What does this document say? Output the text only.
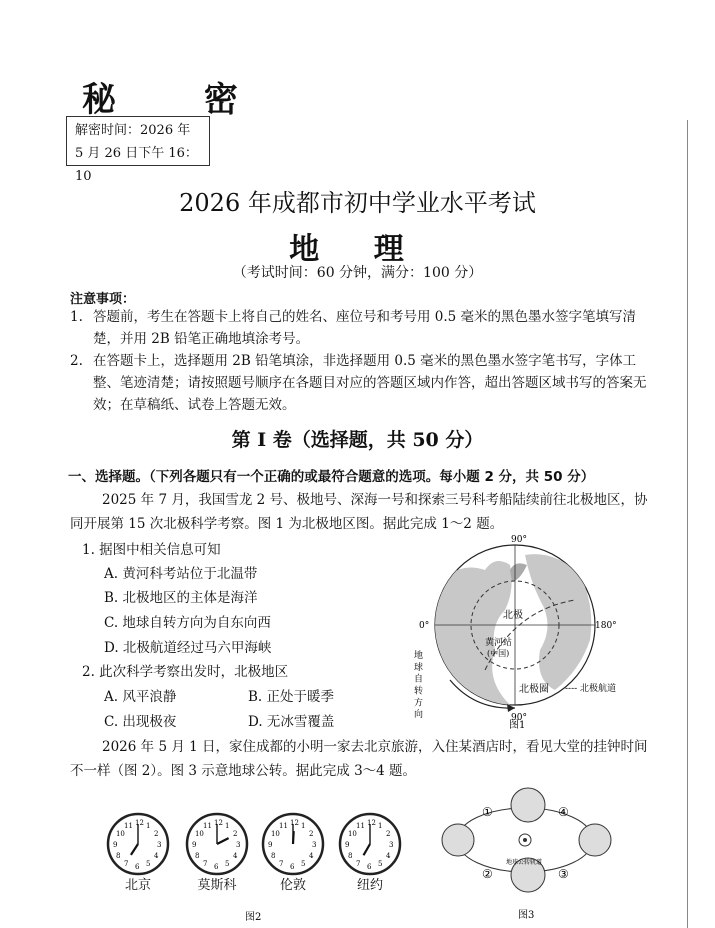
秘 密
解密时间：2026 年
5 月 26 日下午 16：10
2026 年成都市初中学业水平考试
地 理
（考试时间：60 分钟，满分：100 分）
注意事项：
1. 答题前，考生在答题卡上将自己的姓名、座位号和考号用 0.5 毫米的黑色墨水签字笔填写清楚，并用 2B 铅笔正确地填涂考号。
2. 在答题卡上，选择题用 2B 铅笔填涂，非选择题用 0.5 毫米的黑色墨水签字笔书写，字体工整、笔迹清楚；请按照题号顺序在各题目对应的答题区域内作答，超出答题区域书写的答案无效；在草稿纸、试卷上答题无效。
第 I 卷（选择题，共 50 分）
一、选择题。（下列各题只有一个正确的或最符合题意的选项。每小题 2 分，共 50 分）
2025 年 7 月，我国雪龙 2 号、极地号、深海一号和探索三号科考船陆续前往北极地区，协同开展第 15 次北极科学考察。图 1 为北极地区图。据此完成 1～2 题。
1. 据图中相关信息可知
A. 黄河科考站位于北温带
B. 北极地区的主体是海洋
C. 地球自转方向为自东向西
D. 北极航道经过马六甲海峡
2. 此次科学考察出发时，北极地区
A. 风平浪静	B. 正处于暖季
C. 出现极夜	D. 无冰雪覆盖
90°
90°
0°	180°
北极
黄河站
(中国)
北极圈
地 球 自 转 方 向	---- 北极航道
图1
2026 年 5 月 1 日，家住成都的小明一家去北京旅游，入住某酒店时，看见大堂的挂钟时间不一样（图 2）。图 3 示意地球公转。据此完成 3～4 题。
1
2
3
4
5
6
7
8
9
10
11 12	1
2
3
4
5
6
7
8
9
10
11 12	1
2
3
4
5
6
7
8
9
10
11 12	1
2
3
4
5
6
7
8
9
10
11 12
图2
北京	莫斯科	伦敦	纽约
①	④
②	③
地球公转轨道
图3
